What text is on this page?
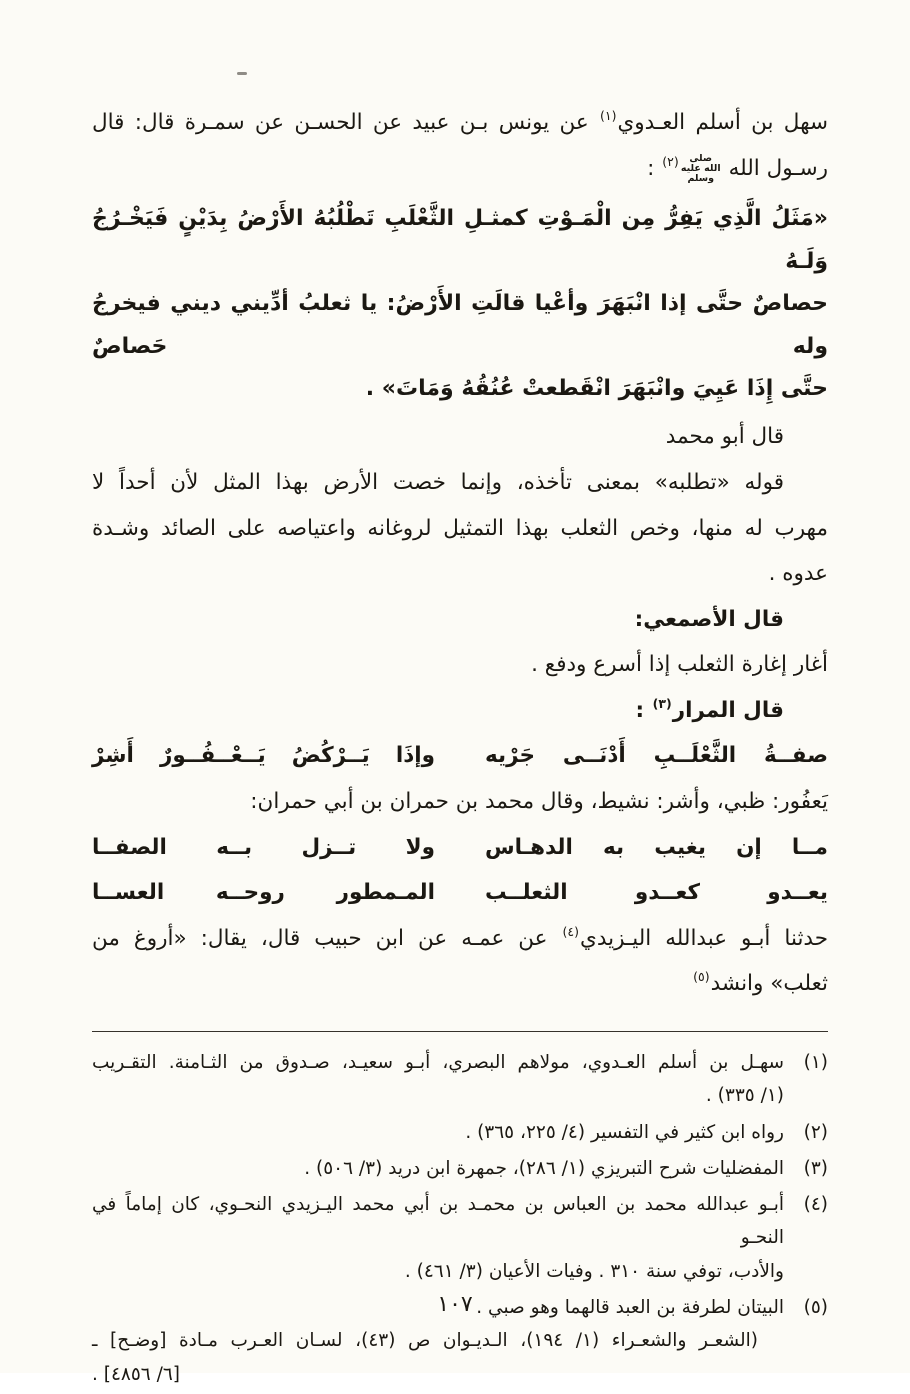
سهل بن أسلم العـدوي$^{(١)}$ عن يونس بـن عبيد عن الحسـن عن سمـرة قال: قال
رسـول الله صلى الله عليه وسلم$^{(٢)}$ :
«مَثَلُ الَّذِي يَفِرُّ مِن الْمَـوْتِ كمثـلِ الثَّعْلَبِ تَطْلُبُهُ الأَرْضُ بِدَيْنٍ فَيَخْـرُجُ وَلَـهُ
حصاصٌ حتَّى إذا انْبَهَرَ وأعْيا قالَتِ الأَرْضُ: يا ثعلبُ أدِّيني ديني فيخرجُ وله حَصاصٌ
حتَّى إِذَا عَيِيَ وانْبَهَرَ انْقَطعتْ عُنُقُهُ وَمَاتَ» .
قال أبو محمد
قوله «تطلبه» بمعنى تأخذه، وإنما خصت الأرض بهذا المثل لأن أحداً لا
مهرب له منها، وخص الثعلب بهذا التمثيل لروغانه واعتياصه على الصائد وشـدة
عدوه .
قال الأصمعي:
أغار إغارة الثعلب إذا أسرع ودفع .
قال المرار$^{(٣)}$ :
صفــةُ الثَّعْلَــبِ أَدْنَــى جَرْيه
وإذَا يَــرْكُضُ يَــعْــفُــورٌ أَشِرْ
يَعفُور: ظبي، وأشر: نشيط، وقال محمد بن حمران بن أبي حمران:
مــا إن يغيب به الدهـاس
ولا تــزل بــه الصفــا
يعــدو كعــدو الثعلــب
المـمطور روحــه العســا
حدثنا أبـو عبدالله اليـزيدي$^{(٤)}$ عن عمـه عن ابن حبيب قال، يقال: «أروغ من
ثعلب» وانشد$^{(٥)}$
(١)
سهـل بن أسلم العـدوي، مولاهم البصري، أبـو سعيـد، صـدوق من الثـامنة. التقـريب
(١‏/‏ ٣٣٥) .
(٢)
رواه ابن كثير في التفسير (٤‏/‏ ٢٢٥، ٣٦٥) .
(٣)
المفضليات شرح التبريزي (١‏/‏ ٢٨٦)، جمهرة ابن دريد (٣‏/‏ ٥٠٦) .
(٤)
أبـو عبدالله محمد بن العباس بن محمـد بن أبي محمد اليـزيدي النحـوي، كان إماماً في النحـو
والأدب، توفي سنة ٣١٠ . وفيات الأعيان (٣‏/‏ ٤٦١) .
(٥)
البيتان لطرفة بن العبد قالهما وهو صبي .
(الشعـر والشعـراء (١‏/‏ ١٩٤)، الـديـوان ص (٤٣)، لسـان العـرب مـادة [وضـح] ـ
[٦‏/‏ ٤٨٥٦] .
١٠٧
